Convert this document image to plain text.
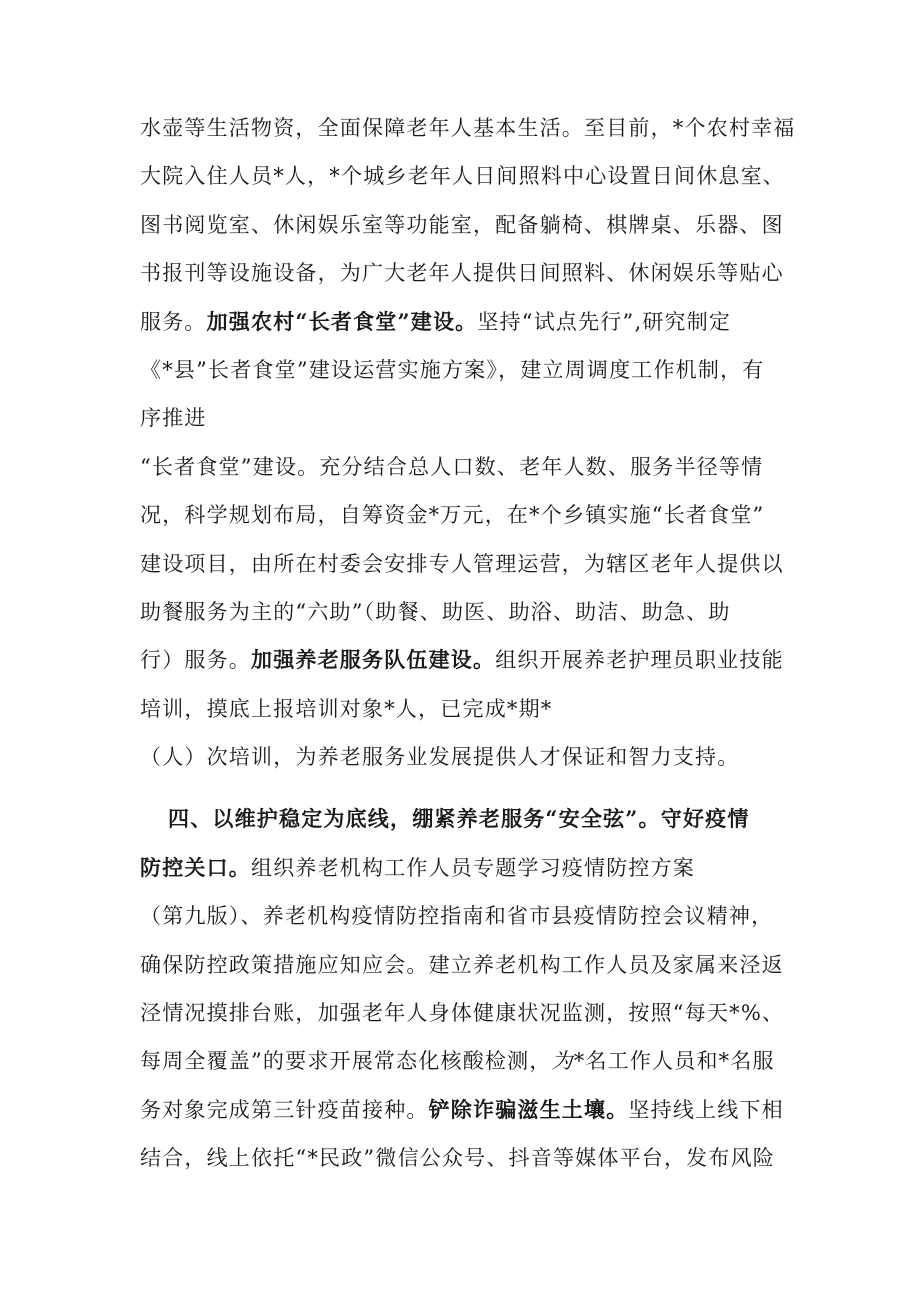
水壶等生活物资，全面保障老年人基本生活。至目前，*个农村幸福
大院入住人员*人，*个城乡老年人日间照料中心设置日间休息室、
图书阅览室、休闲娱乐室等功能室，配备躺椅、棋牌桌、乐器、图
书报刊等设施设备，为广大老年人提供日间照料、休闲娱乐等贴心
服务。加强农村“长者食堂”建设。坚持“试点先行”,研究制定
《*县”长者食堂”建设运营实施方案》，建立周调度工作机制，有
序推进
“长者食堂”建设。充分结合总人口数、老年人数、服务半径等情
况，科学规划布局，自筹资金*万元，在*个乡镇实施“长者食堂”
建设项目，由所在村委会安排专人管理运营，为辖区老年人提供以
助餐服务为主的“六助”（助餐、助医、助浴、助洁、助急、助
行）服务。加强养老服务队伍建设。组织开展养老护理员职业技能
培训，摸底上报培训对象*人，已完成*期*
（人）次培训，为养老服务业发展提供人才保证和智力支持。
四、以维护稳定为底线，绷紧养老服务“安全弦”。守好疫情
防控关口。组织养老机构工作人员专题学习疫情防控方案
（第九版）、养老机构疫情防控指南和省市县疫情防控会议精神，
确保防控政策措施应知应会。建立养老机构工作人员及家属来泾返
泾情况摸排台账，加强老年人身体健康状况监测，按照“每天*%、
每周全覆盖”的要求开展常态化核酸检测，为*名工作人员和*名服
务对象完成第三针疫苗接种。铲除诈骗滋生土壤。坚持线上线下相
结合，线上依托“*民政”微信公众号、抖音等媒体平台，发布风险
